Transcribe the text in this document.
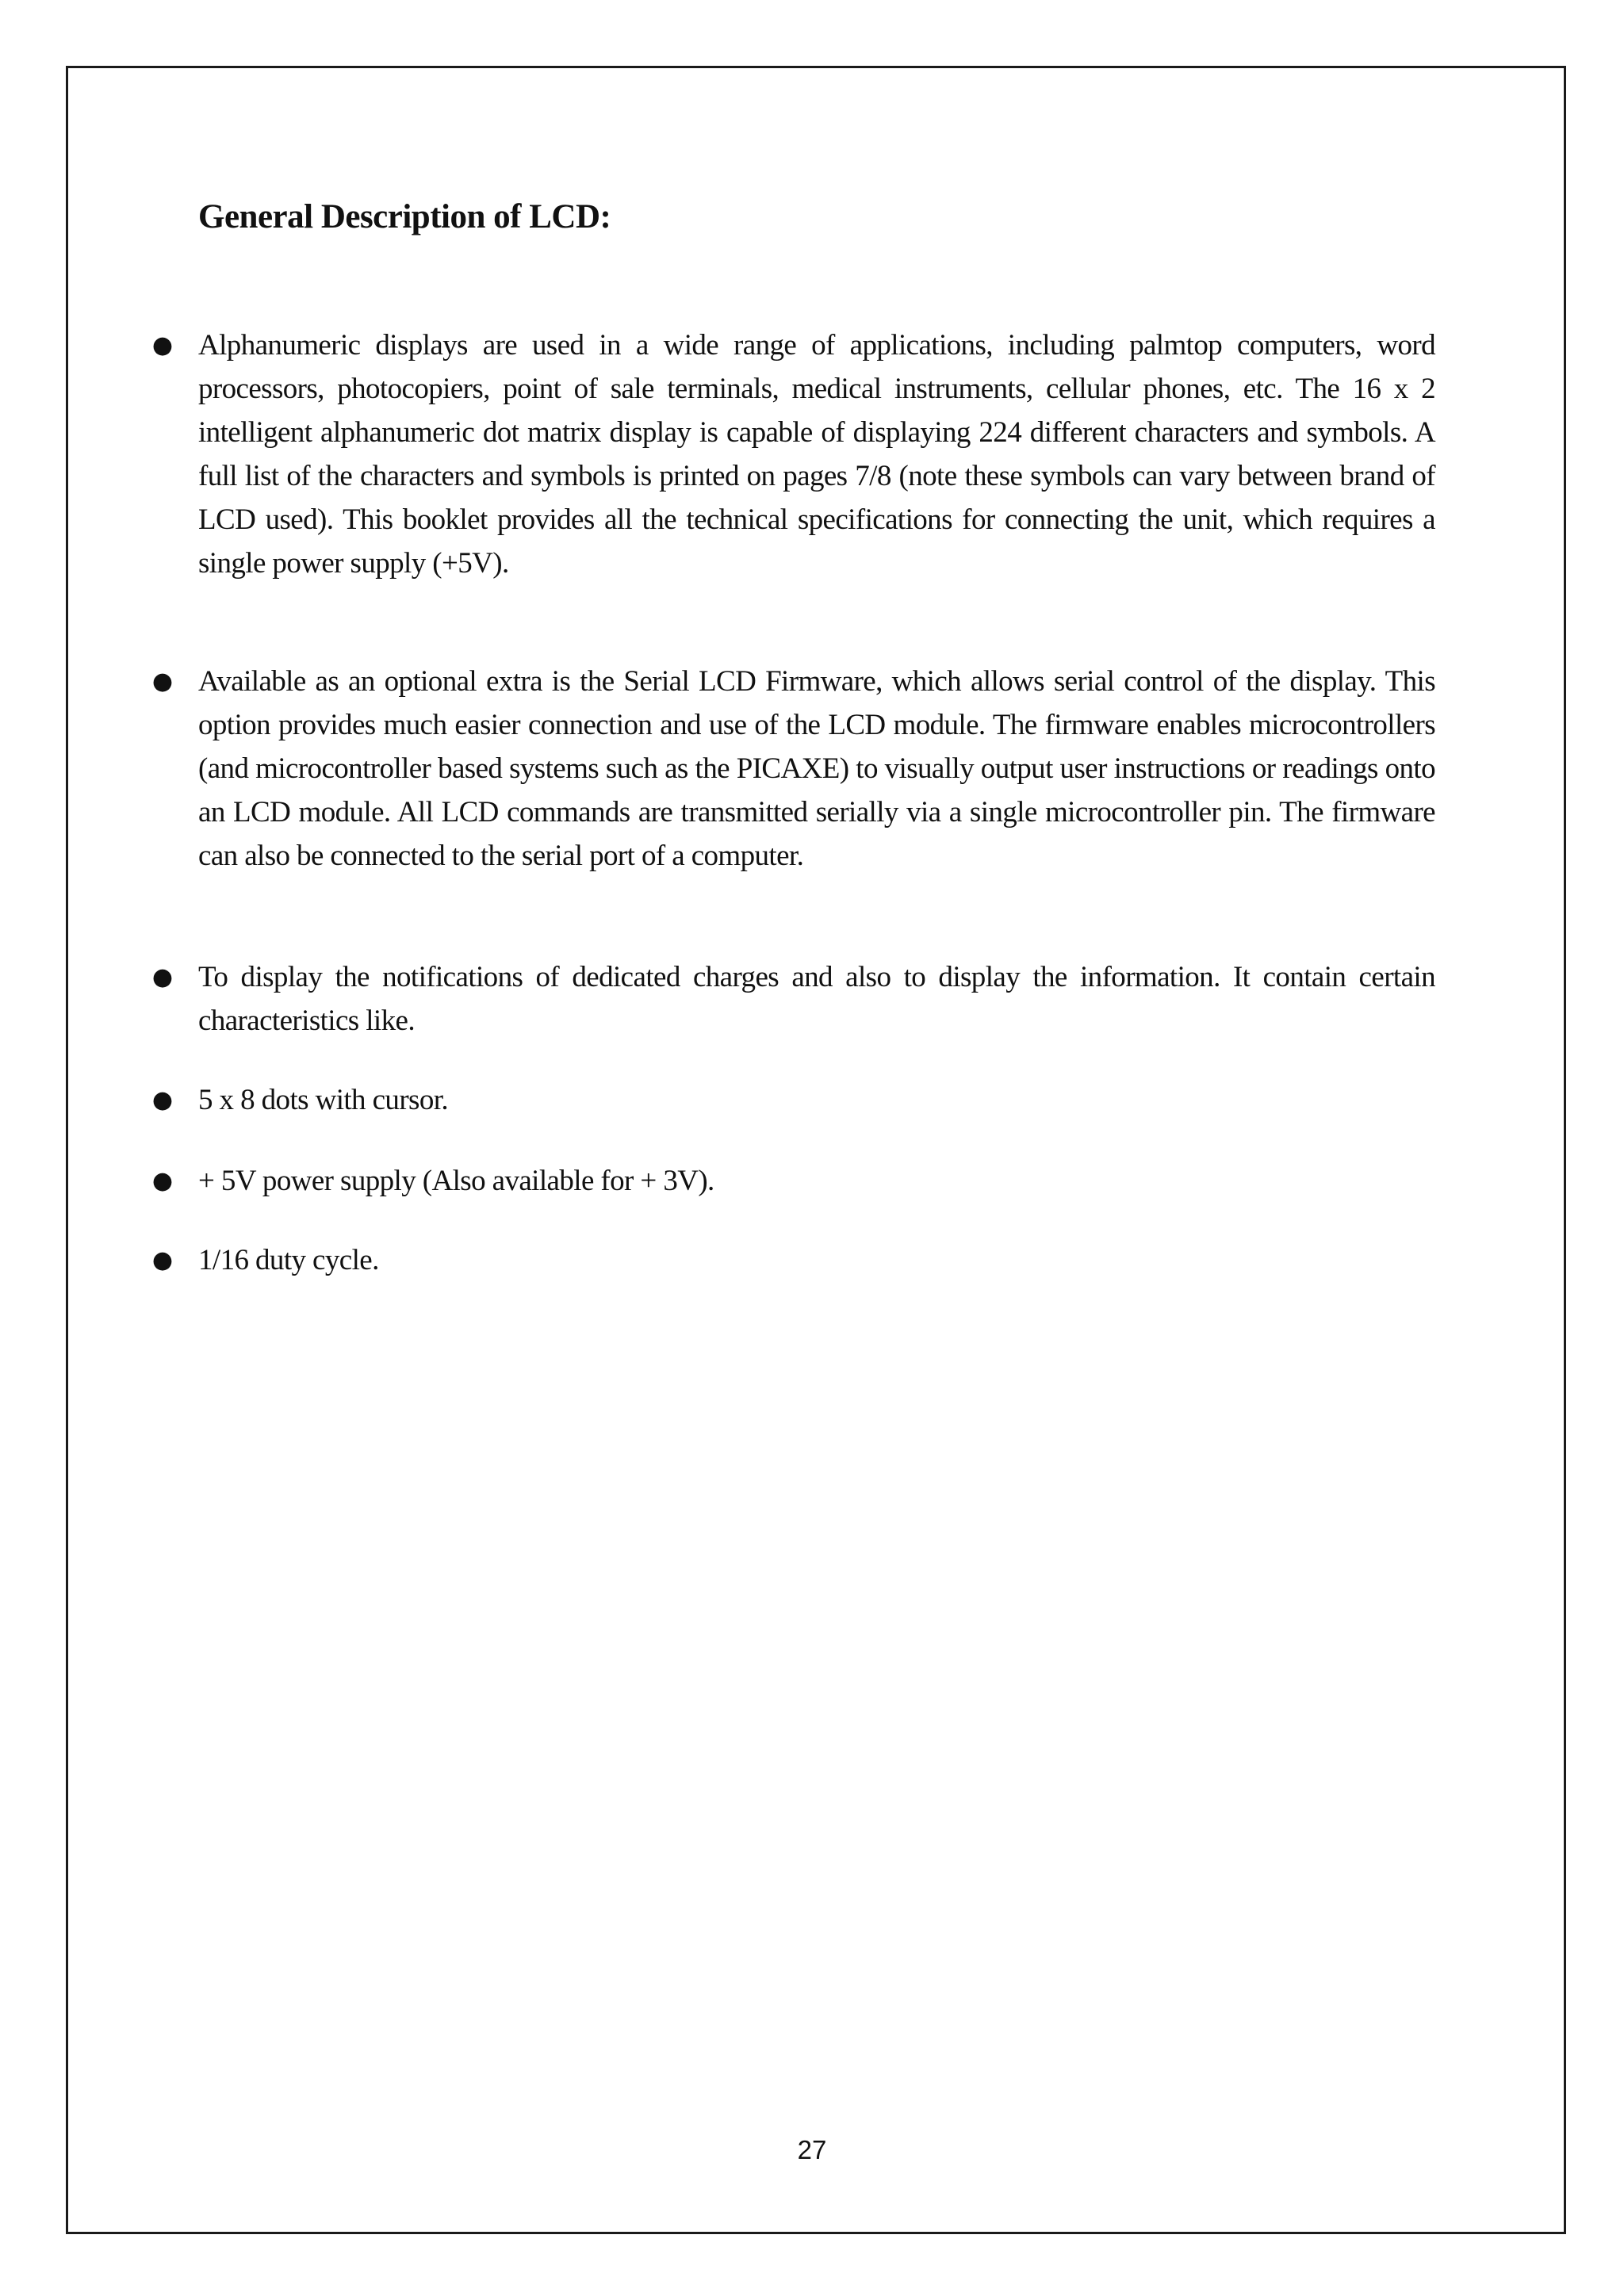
General Description of LCD:
● Alphanumeric displays are used in a wide range of applications, including palmtop computers, word processors, photocopiers, point of sale terminals, medical instruments, cellular phones, etc. The 16 x 2 intelligent alphanumeric dot matrix display is capable of displaying 224 different characters and symbols. A full list of the characters and symbols is printed on pages 7/8 (note these symbols can vary between brand of LCD used). This booklet provides all the technical specifications for connecting the unit, which requires a single power supply (+5V).
● Available as an optional extra is the Serial LCD Firmware, which allows serial control of the display. This option provides much easier connection and use of the LCD module. The firmware enables microcontrollers (and microcontroller based systems such as the PICAXE) to visually output user instructions or readings onto an LCD module. All LCD commands are transmitted serially via a single microcontroller pin. The firmware can also be connected to the serial port of a computer.
● To display the notifications of dedicated charges and also to display the information. It contain certain characteristics like.
● 5 x 8 dots with cursor.
● + 5V power supply (Also available for + 3V).
● 1/16 duty cycle.
27
